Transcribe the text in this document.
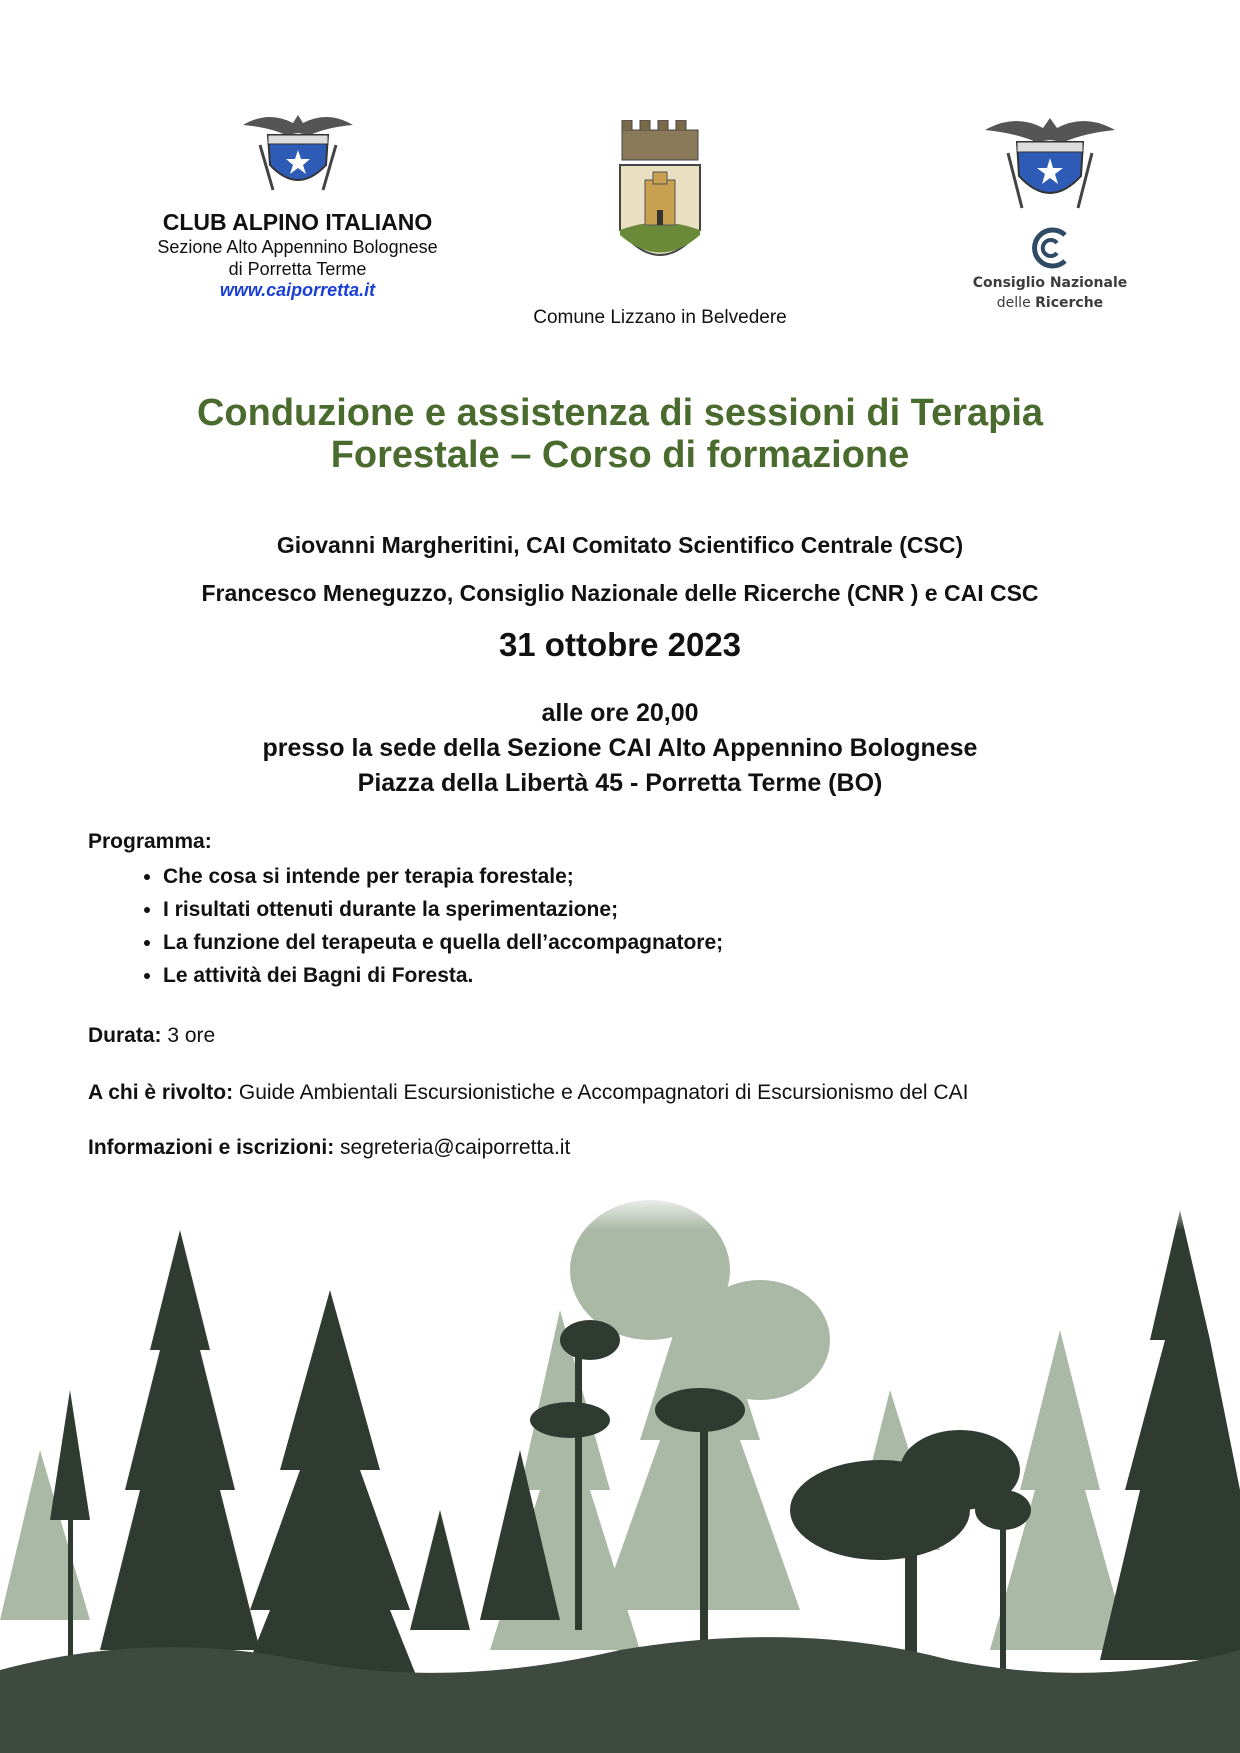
CLUB ALPINO ITALIANO
Sezione Alto Appennino Bolognese
di Porretta Terme
www.caiporretta.it
Comune Lizzano in Belvedere
Consiglio Nazionale
delle Ricerche
Conduzione e assistenza di sessioni di Terapia
Forestale – Corso di formazione
Giovanni Margheritini, CAI Comitato Scientifico Centrale (CSC)
Francesco Meneguzzo, Consiglio Nazionale delle Ricerche (CNR ) e CAI CSC
31 ottobre 2023
alle ore 20,00
presso la sede della Sezione CAI Alto Appennino Bolognese
Piazza della Libertà 45 - Porretta Terme (BO)
Programma:
• Che cosa si intende per terapia forestale;
• I risultati ottenuti durante la sperimentazione;
• La funzione del terapeuta e quella dell’accompagnatore;
• Le attività dei Bagni di Foresta.
Durata: 3 ore
A chi è rivolto: Guide Ambientali Escursionistiche e Accompagnatori di Escursionismo del CAI
Informazioni e iscrizioni: segreteria@caiporretta.it
